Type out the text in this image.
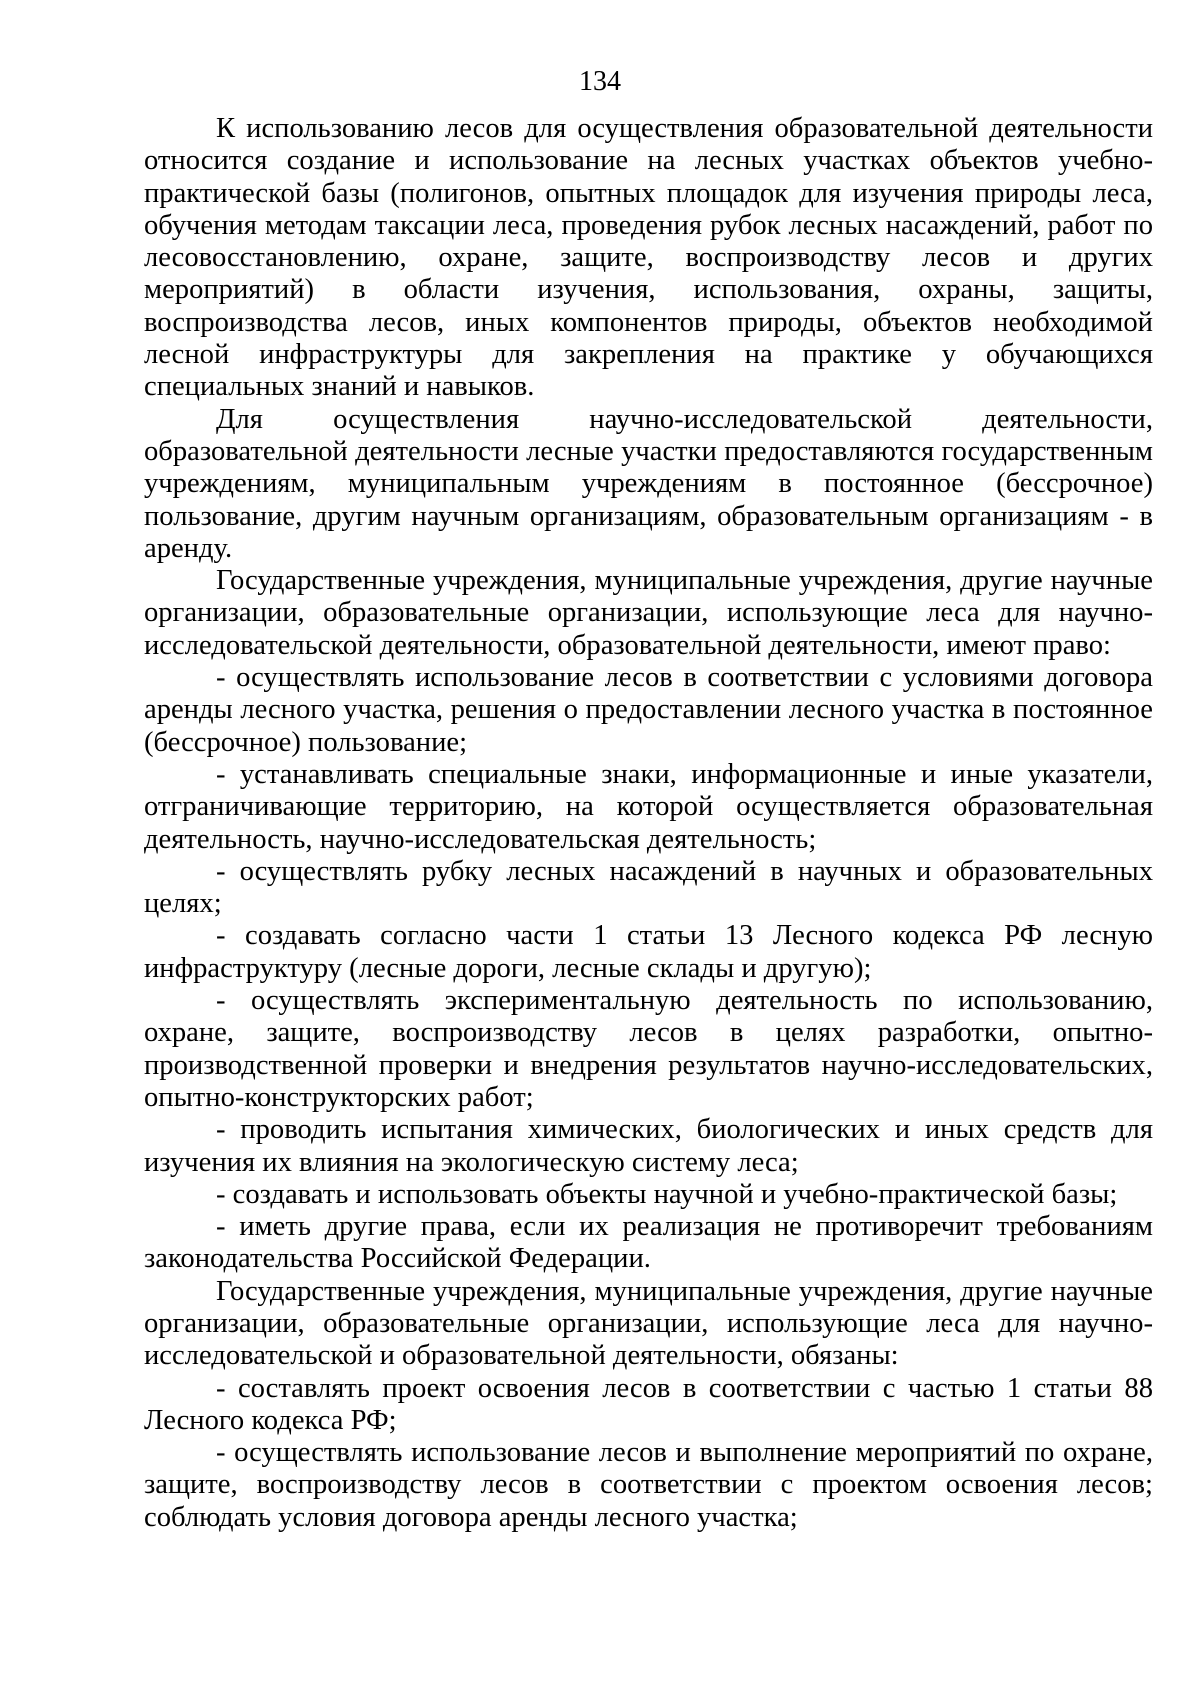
134

К использованию лесов для осуществления образовательной деятельности относится создание и использование на лесных участках объектов учебно-практической базы (полигонов, опытных площадок для изучения природы леса, обучения методам таксации леса, проведения рубок лесных насаждений, работ по лесовосстановлению, охране, защите, воспроизводству лесов и других мероприятий) в области изучения, использования, охраны, защиты, воспроизводства лесов, иных компонентов природы, объектов необходимой лесной инфраструктуры для закрепления на практике у обучающихся специальных знаний и навыков.

Для осуществления научно-исследовательской деятельности, образовательной деятельности лесные участки предоставляются государственным учреждениям, муниципальным учреждениям в постоянное (бессрочное) пользование, другим научным организациям, образовательным организациям - в аренду.

Государственные учреждения, муниципальные учреждения, другие научные организации, образовательные организации, использующие леса для научно-исследовательской деятельности, образовательной деятельности, имеют право:

- осуществлять использование лесов в соответствии с условиями договора аренды лесного участка, решения о предоставлении лесного участка в постоянное (бессрочное) пользование;

- устанавливать специальные знаки, информационные и иные указатели, отграничивающие территорию, на которой осуществляется образовательная деятельность, научно-исследовательская деятельность;

- осуществлять рубку лесных насаждений в научных и образовательных целях;

- создавать согласно части 1 статьи 13 Лесного кодекса РФ лесную инфраструктуру (лесные дороги, лесные склады и другую);

- осуществлять экспериментальную деятельность по использованию, охране, защите, воспроизводству лесов в целях разработки, опытно-производственной проверки и внедрения результатов научно-исследовательских, опытно-конструкторских работ;

- проводить испытания химических, биологических и иных средств для изучения их влияния на экологическую систему леса;

- создавать и использовать объекты научной и учебно-практической базы;

- иметь другие права, если их реализация не противоречит требованиям законодательства Российской Федерации.

Государственные учреждения, муниципальные учреждения, другие научные организации, образовательные организации, использующие леса для научно-исследовательской и образовательной деятельности, обязаны:

- составлять проект освоения лесов в соответствии с частью 1 статьи 88 Лесного кодекса РФ;

- осуществлять использование лесов и выполнение мероприятий по охране, защите, воспроизводству лесов в соответствии с проектом освоения лесов; соблюдать условия договора аренды лесного участка;
